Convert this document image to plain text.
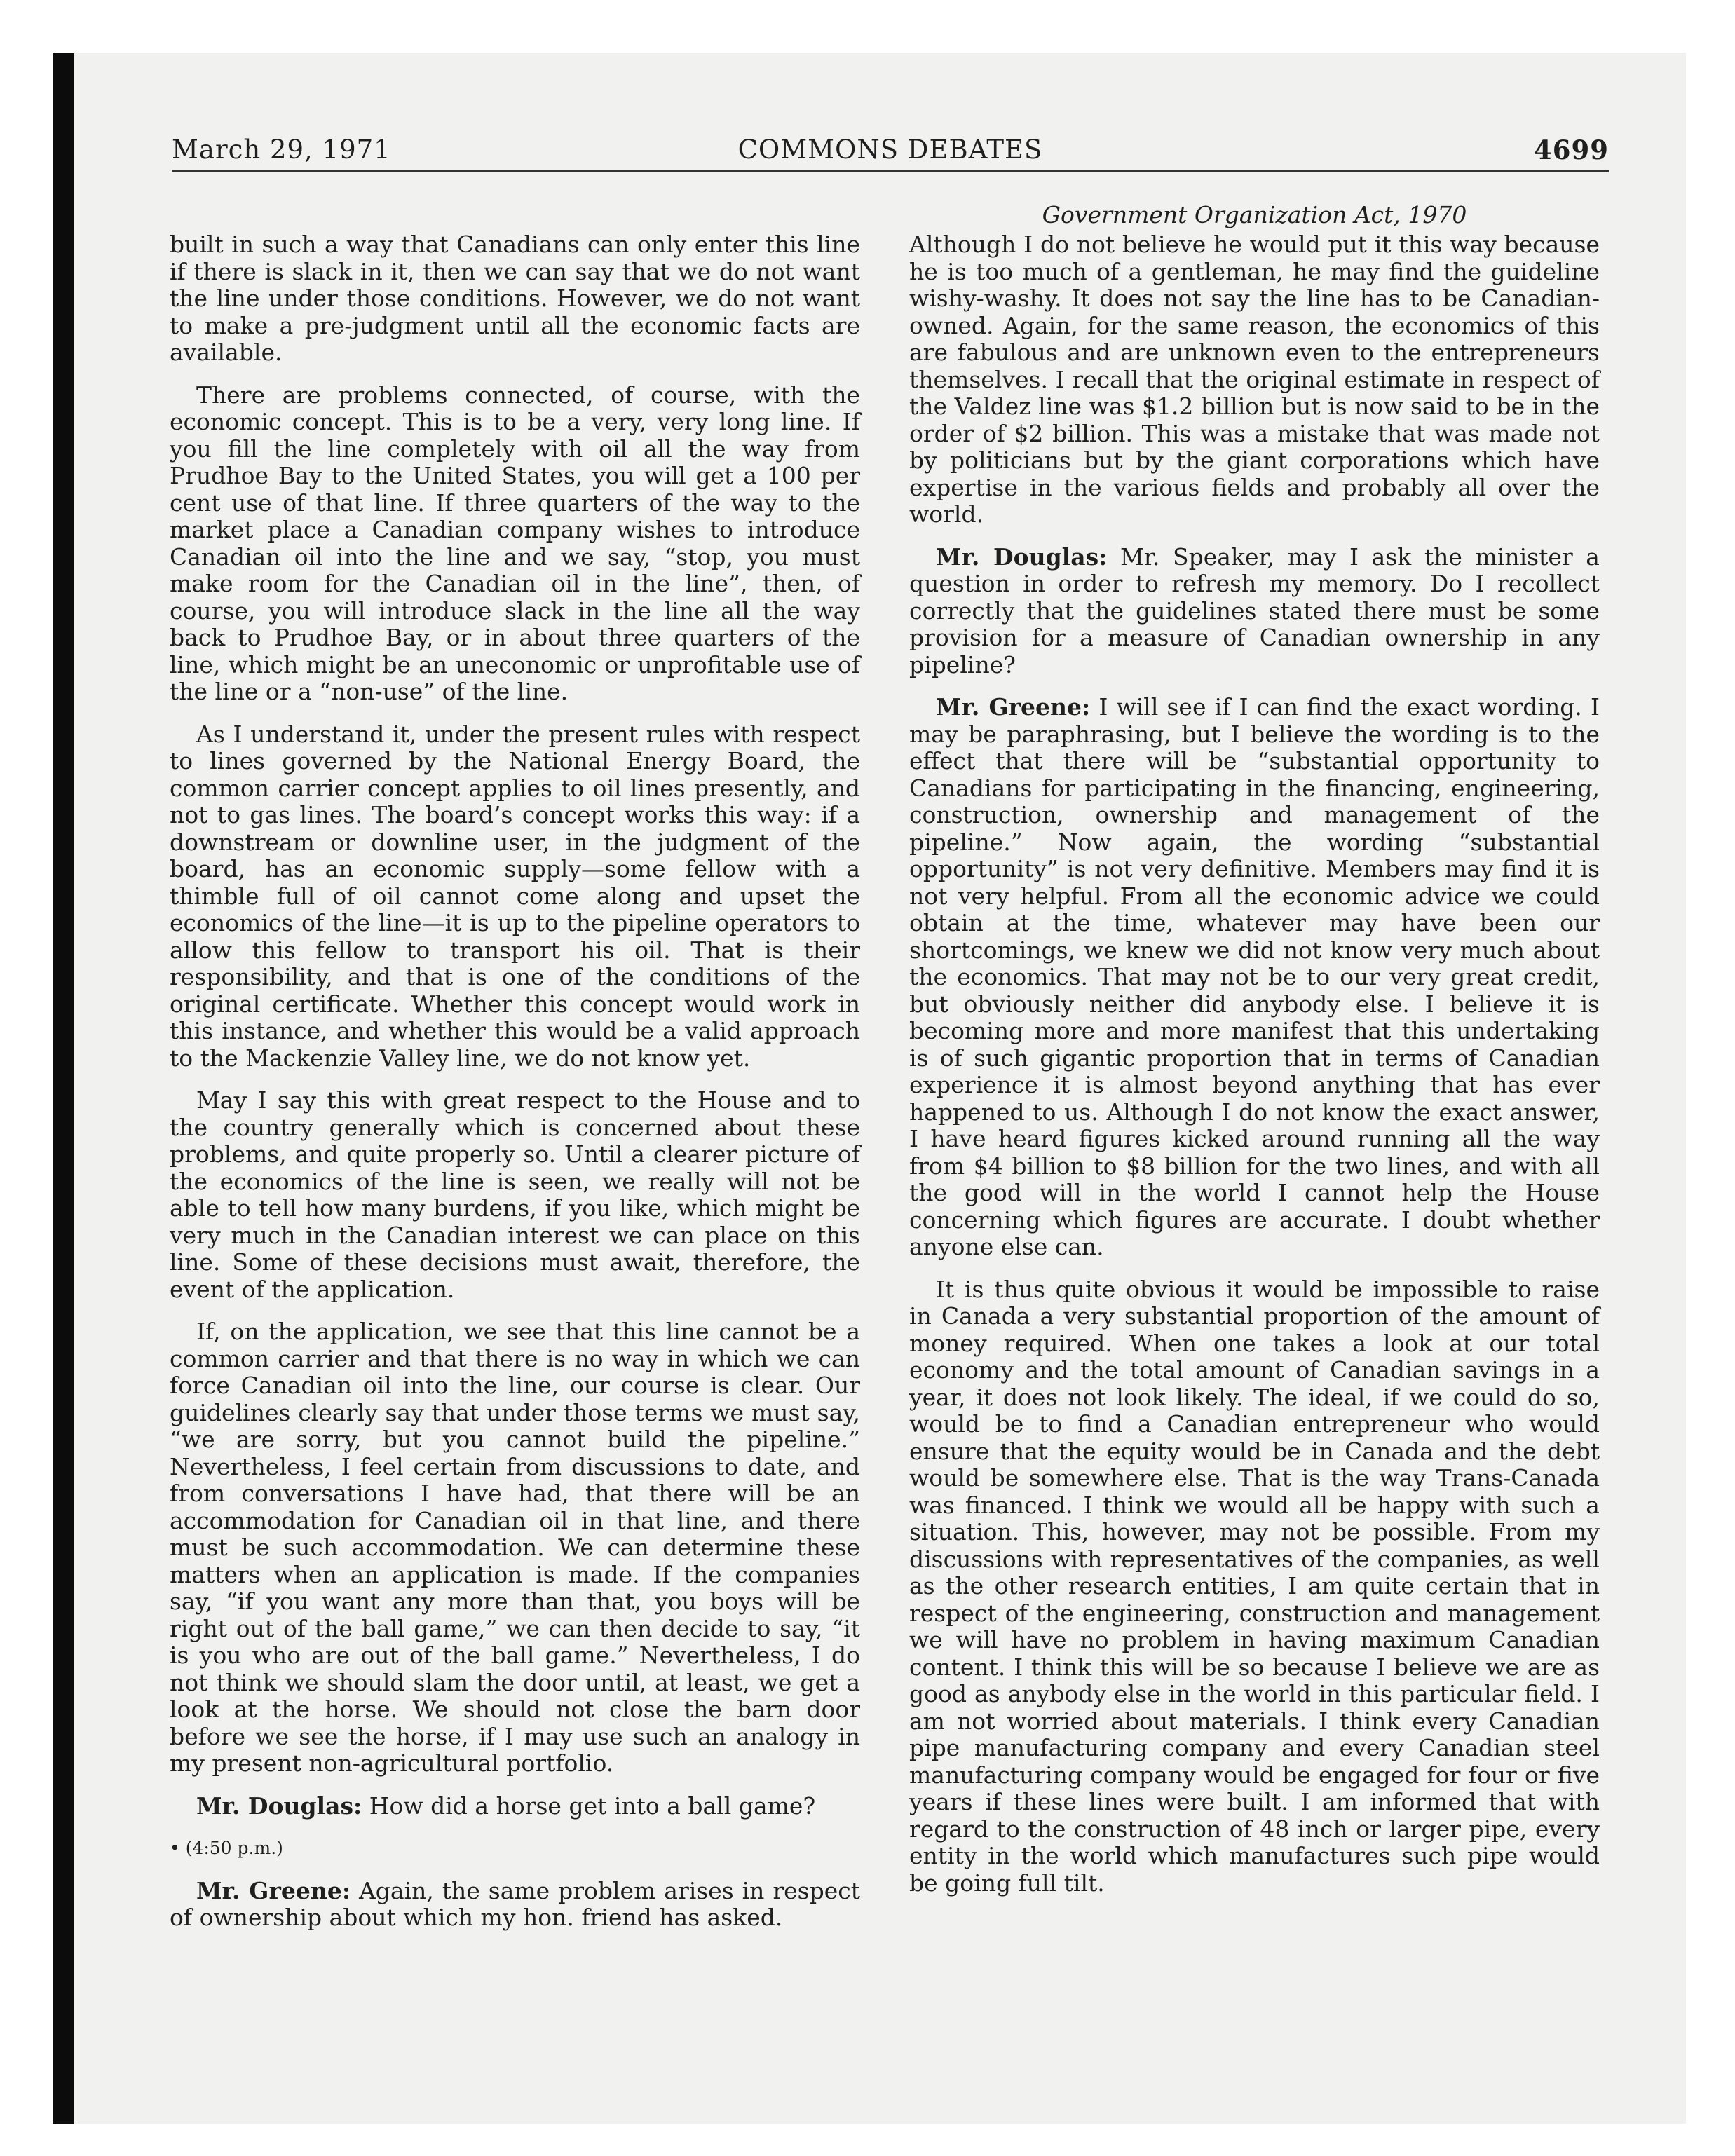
March 29, 1971	COMMONS DEBATES	4699
Government Organization Act, 1970

built in such a way that Canadians can only enter this line if there is slack in it, then we can say that we do not want the line under those conditions. However, we do not want to make a pre-judgment until all the economic facts are available.

There are problems connected, of course, with the economic concept. This is to be a very, very long line. If you fill the line completely with oil all the way from Prudhoe Bay to the United States, you will get a 100 per cent use of that line. If three quarters of the way to the market place a Canadian company wishes to introduce Canadian oil into the line and we say, “stop, you must make room for the Canadian oil in the line”, then, of course, you will introduce slack in the line all the way back to Prudhoe Bay, or in about three quarters of the line, which might be an uneconomic or unprofitable use of the line or a “non-use” of the line.

As I understand it, under the present rules with respect to lines governed by the National Energy Board, the common carrier concept applies to oil lines presently, and not to gas lines. The board’s concept works this way: if a downstream or downline user, in the judgment of the board, has an economic supply—some fellow with a thimble full of oil cannot come along and upset the economics of the line—it is up to the pipeline operators to allow this fellow to transport his oil. That is their responsibility, and that is one of the conditions of the original certificate. Whether this concept would work in this instance, and whether this would be a valid approach to the Mackenzie Valley line, we do not know yet.

May I say this with great respect to the House and to the country generally which is concerned about these problems, and quite properly so. Until a clearer picture of the economics of the line is seen, we really will not be able to tell how many burdens, if you like, which might be very much in the Canadian interest we can place on this line. Some of these decisions must await, therefore, the event of the application.

If, on the application, we see that this line cannot be a common carrier and that there is no way in which we can force Canadian oil into the line, our course is clear. Our guidelines clearly say that under those terms we must say, “we are sorry, but you cannot build the pipeline.” Nevertheless, I feel certain from discussions to date, and from conversations I have had, that there will be an accommodation for Canadian oil in that line, and there must be such accommodation. We can determine these matters when an application is made. If the companies say, “if you want any more than that, you boys will be right out of the ball game,” we can then decide to say, “it is you who are out of the ball game.” Nevertheless, I do not think we should slam the door until, at least, we get a look at the horse. We should not close the barn door before we see the horse, if I may use such an analogy in my present non-agricultural portfolio.

Mr. Douglas: How did a horse get into a ball game?

• (4:50 p.m.)

Mr. Greene: Again, the same problem arises in respect of ownership about which my hon. friend has asked.

Although I do not believe he would put it this way because he is too much of a gentleman, he may find the guideline wishy-washy. It does not say the line has to be Canadian-owned. Again, for the same reason, the economics of this are fabulous and are unknown even to the entrepreneurs themselves. I recall that the original estimate in respect of the Valdez line was $1.2 billion but is now said to be in the order of $2 billion. This was a mistake that was made not by politicians but by the giant corporations which have expertise in the various fields and probably all over the world.

Mr. Douglas: Mr. Speaker, may I ask the minister a question in order to refresh my memory. Do I recollect correctly that the guidelines stated there must be some provision for a measure of Canadian ownership in any pipeline?

Mr. Greene: I will see if I can find the exact wording. I may be paraphrasing, but I believe the wording is to the effect that there will be “substantial opportunity to Canadians for participating in the financing, engineering, construction, ownership and management of the pipeline.” Now again, the wording “substantial opportunity” is not very definitive. Members may find it is not very helpful. From all the economic advice we could obtain at the time, whatever may have been our shortcomings, we knew we did not know very much about the economics. That may not be to our very great credit, but obviously neither did anybody else. I believe it is becoming more and more manifest that this undertaking is of such gigantic proportion that in terms of Canadian experience it is almost beyond anything that has ever happened to us. Although I do not know the exact answer, I have heard figures kicked around running all the way from $4 billion to $8 billion for the two lines, and with all the good will in the world I cannot help the House concerning which figures are accurate. I doubt whether anyone else can.

It is thus quite obvious it would be impossible to raise in Canada a very substantial proportion of the amount of money required. When one takes a look at our total economy and the total amount of Canadian savings in a year, it does not look likely. The ideal, if we could do so, would be to find a Canadian entrepreneur who would ensure that the equity would be in Canada and the debt would be somewhere else. That is the way Trans-Canada was financed. I think we would all be happy with such a situation. This, however, may not be possible. From my discussions with representatives of the companies, as well as the other research entities, I am quite certain that in respect of the engineering, construction and management we will have no problem in having maximum Canadian content. I think this will be so because I believe we are as good as anybody else in the world in this particular field. I am not worried about materials. I think every Canadian pipe manufacturing company and every Canadian steel manufacturing company would be engaged for four or five years if these lines were built. I am informed that with regard to the construction of 48 inch or larger pipe, every entity in the world which manufactures such pipe would be going full tilt.
